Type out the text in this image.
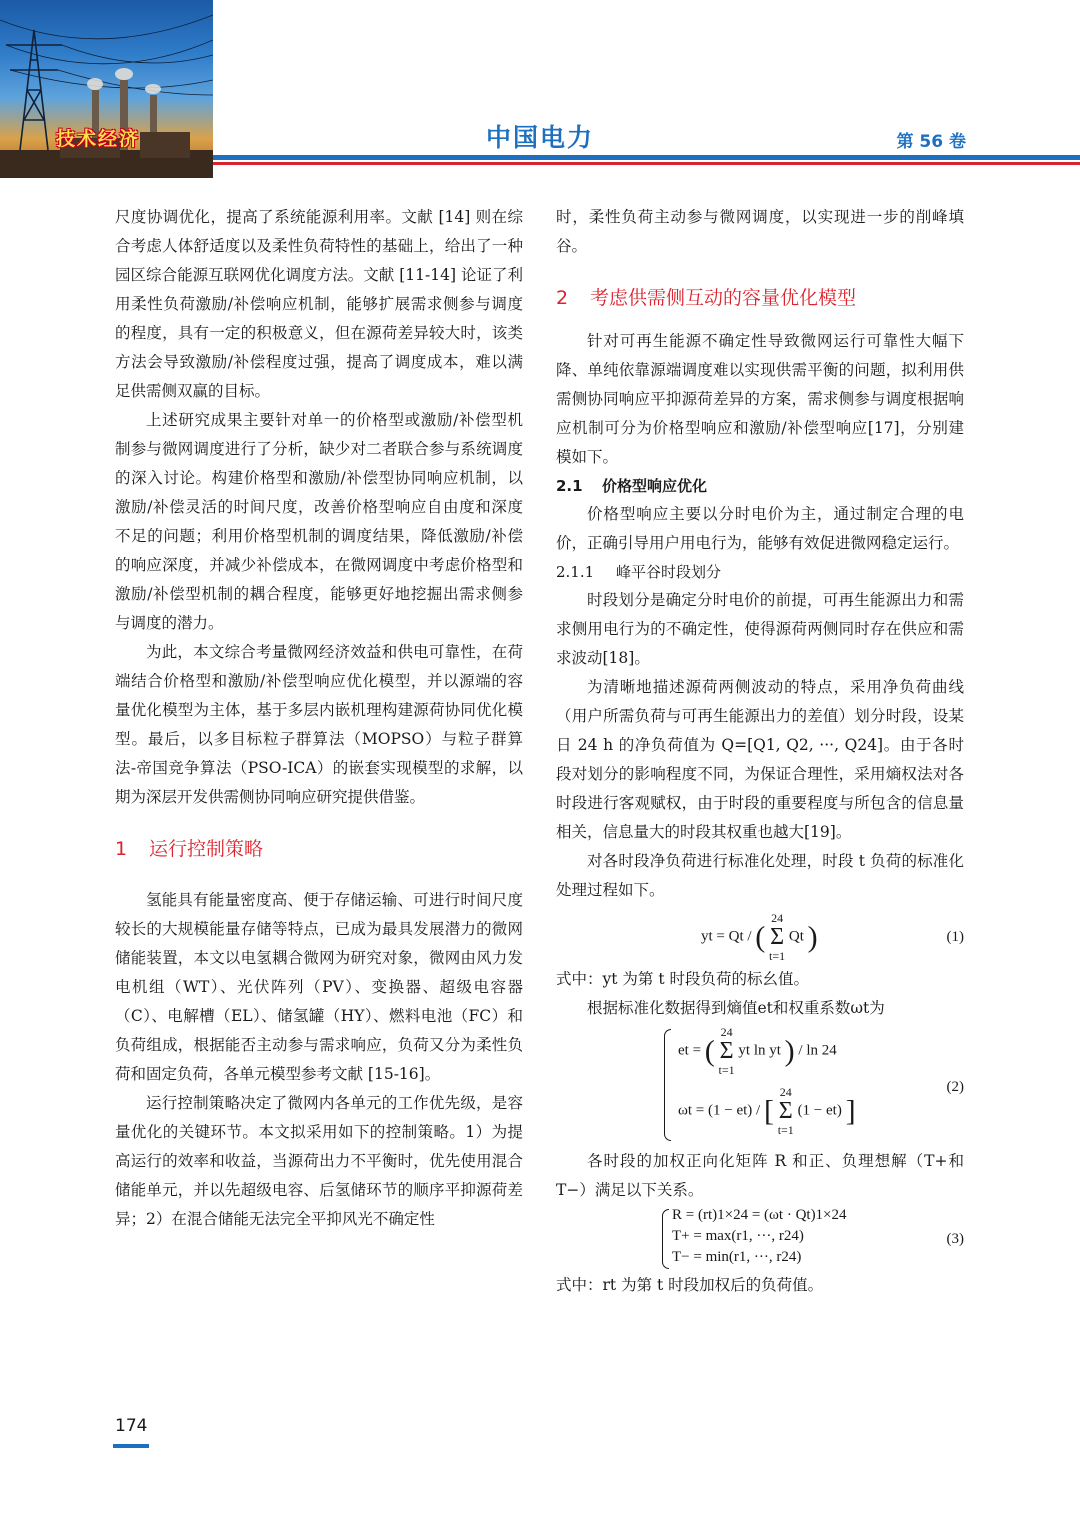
技术经济	中国电力	第 56 卷

尺度协调优化，提高了系统能源利用率。文献 [14] 则在综合考虑人体舒适度以及柔性负荷特性的基础上，给出了一种园区综合能源互联网优化调度方法。文献 [11-14] 论证了利用柔性负荷激励/补偿响应机制，能够扩展需求侧参与调度的程度，具有一定的积极意义，但在源荷差异较大时，该类方法会导致激励/补偿程度过强，提高了调度成本，难以满足供需侧双赢的目标。

上述研究成果主要针对单一的价格型或激励/补偿型机制参与微网调度进行了分析，缺少对二者联合参与系统调度的深入讨论。构建价格型和激励/补偿型协同响应机制，以激励/补偿灵活的时间尺度，改善价格型响应自由度和深度不足的问题；利用价格型机制的调度结果，降低激励/补偿的响应深度，并减少补偿成本，在微网调度中考虑价格型和激励/补偿型机制的耦合程度，能够更好地挖掘出需求侧参与调度的潜力。

为此，本文综合考量微网经济效益和供电可靠性，在荷端结合价格型和激励/补偿型响应优化模型，并以源端的容量优化模型为主体，基于多层内嵌机理构建源荷协同优化模型。最后，以多目标粒子群算法（MOPSO）与粒子群算法-帝国竞争算法（PSO-ICA）的嵌套实现模型的求解，以期为深层开发供需侧协同响应研究提供借鉴。

1 运行控制策略

氢能具有能量密度高、便于存储运输、可进行时间尺度较长的大规模能量存储等特点，已成为最具发展潜力的微网储能装置，本文以电氢耦合微网为研究对象，微网由风力发电机组（WT）、光伏阵列（PV）、变换器、超级电容器（C）、电解槽（EL）、储氢罐（HY）、燃料电池（FC）和负荷组成，根据能否主动参与需求响应，负荷又分为柔性负荷和固定负荷，各单元模型参考文献 [15-16]。

运行控制策略决定了微网内各单元的工作优先级，是容量优化的关键环节。本文拟采用如下的控制策略。1）为提高运行的效率和收益，当源荷出力不平衡时，优先使用混合储能单元，并以先超级电容、后氢储环节的顺序平抑源荷差异；2）在混合储能无法完全平抑风光不确定性

时，柔性负荷主动参与微网调度，以实现进一步的削峰填谷。

2 考虑供需侧互动的容量优化模型

针对可再生能源不确定性导致微网运行可靠性大幅下降、单纯依靠源端调度难以实现供需平衡的问题，拟利用供需侧协同响应平抑源荷差异的方案，需求侧参与调度根据响应机制可分为价格型响应和激励/补偿型响应[17]，分别建模如下。

2.1 价格型响应优化

价格型响应主要以分时电价为主，通过制定合理的电价，正确引导用户用电行为，能够有效促进微网稳定运行。

2.1.1 峰平谷时段划分

时段划分是确定分时电价的前提，可再生能源出力和需求侧用电行为的不确定性，使得源荷两侧同时存在供应和需求波动[18]。

为清晰地描述源荷两侧波动的特点，采用净负荷曲线（用户所需负荷与可再生能源出力的差值）划分时段，设某日 24 h 的净负荷值为 Q=[Q1, Q2, ···, Q24]。由于各时段对划分的影响程度不同，为保证合理性，采用熵权法对各时段进行客观赋权，由于时段的重要程度与所包含的信息量相关，信息量大的时段其权重也越大[19]。

对各时段净负荷进行标准化处理，时段 t 负荷的标准化处理过程如下。

yt = Qt / ( 24
Σ
t=1 Qt )	(1)

式中：yt 为第 t 时段负荷的标幺值。

根据标准化数据得到熵值et和权重系数ωt为

et = ( 24
Σ
t=1 yt ln yt ) / ln 24
ωt = (1 − et) / [ 24
Σ
t=1 (1 − et) ]
(2)

各时段的加权正向化矩阵 R 和正、负理想解（T+和 T−）满足以下关系。

R = (rt)1×24 = (ωt · Qt)1×24
T+ = max(r1, ···, r24)
T− = min(r1, ···, r24)
(3)

式中：rt 为第 t 时段加权后的负荷值。

174
